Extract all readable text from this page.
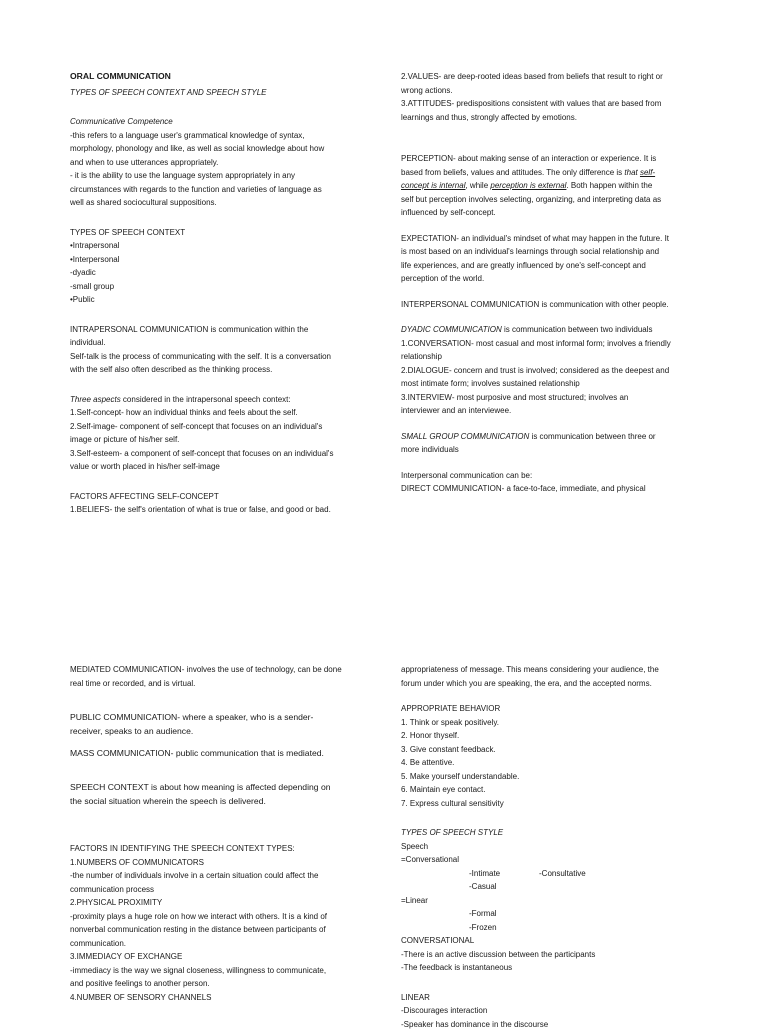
ORAL COMMUNICATION

TYPES OF SPEECH CONTEXT AND SPEECH STYLE

Communicative Competence

-this refers to a language user's grammatical knowledge of syntax,

morphology, phonology and like, as well as social knowledge about how

and when to use utterances appropriately.

- it is the ability to use the language system appropriately in any

circumstances with regards to the function and varieties of language as

well as shared sociocultural suppositions.

TYPES OF SPEECH CONTEXT

•Intrapersonal

•Interpersonal

-dyadic

-small group

•Public

INTRAPERSONAL COMMUNICATION is communication within the

individual.

Self-talk is the process of communicating with the self. It is a conversation

with the self also often described as the thinking process.

Three aspects considered in the intrapersonal speech context:

1.Self-concept- how an individual thinks and feels about the self.

2.Self-image- component of self-concept that focuses on an individual's

image or picture of his/her self.

3.Self-esteem- a component of self-concept that focuses on an individual's

value or worth placed in his/her self-image

FACTORS AFFECTING SELF-CONCEPT

1.BELIEFS- the self's orientation of what is true or false, and good or bad.

2.VALUES- are deep-rooted ideas based from beliefs that result to right or

wrong actions.

3.ATTITUDES- predispositions consistent with values that are based from

learnings and thus, strongly affected by emotions.

PERCEPTION- about making sense of an interaction or experience. It is

based from beliefs, values and attitudes. The only difference is that self-

concept is internal, while perception is external. Both happen within the

self but perception involves selecting, organizing, and interpreting data as

influenced by self-concept.

EXPECTATION- an individual's mindset of what may happen in the future. It

is most based on an individual's learnings through social relationship and

life experiences, and are greatly influenced by one's self-concept and

perception of the world.

INTERPERSONAL COMMUNICATION is communication with other people.

DYADIC COMMUNICATION is communication between two individuals

1.CONVERSATION- most casual and most informal form; involves a friendly

relationship

2.DIALOGUE- concern and trust is involved; considered as the deepest and

most intimate form; involves sustained relationship

3.INTERVIEW- most purposive and most structured; involves an

interviewer and an interviewee.

SMALL GROUP COMMUNICATION is communication between three or

more individuals

Interpersonal communication can be:

DIRECT COMMUNICATION- a face-to-face, immediate, and physical

MEDIATED COMMUNICATION- involves the use of technology, can be done

real time or recorded, and is virtual.

PUBLIC COMMUNICATION- where a speaker, who is a sender-

receiver, speaks to an audience.

MASS COMMUNICATION- public communication that is mediated.

SPEECH CONTEXT is about how meaning is affected depending on

the social situation wherein the speech is delivered.

FACTORS IN IDENTIFYING THE SPEECH CONTEXT TYPES:

1.NUMBERS OF COMMUNICATORS

-the number of individuals involve in a certain situation could affect the

communication process

2.PHYSICAL PROXIMITY

-proximity plays a huge role on how we interact with others. It is a kind of

nonverbal communication resting in the distance between participants of

communication.

3.IMMEDIACY OF EXCHANGE

-immediacy is the way we signal closeness, willingness to communicate,

and positive feelings to another person.

4.NUMBER OF SENSORY CHANNELS

appropriateness of message. This means considering your audience, the

forum under which you are speaking, the era, and the accepted norms.

APPROPRIATE BEHAVIOR

1. Think or speak positively.

2. Honor thyself.

3. Give constant feedback.

4. Be attentive.

5. Make yourself understandable.

6. Maintain eye contact.

7. Express cultural sensitivity

TYPES OF SPEECH STYLE

Speech

=Conversational

-Intimate	-Consultative

-Casual

=Linear

-Formal

-Frozen

CONVERSATIONAL

-There is an active discussion between the participants

-The feedback is instantaneous

LINEAR

-Discourages interaction

-Speaker has dominance in the discourse
